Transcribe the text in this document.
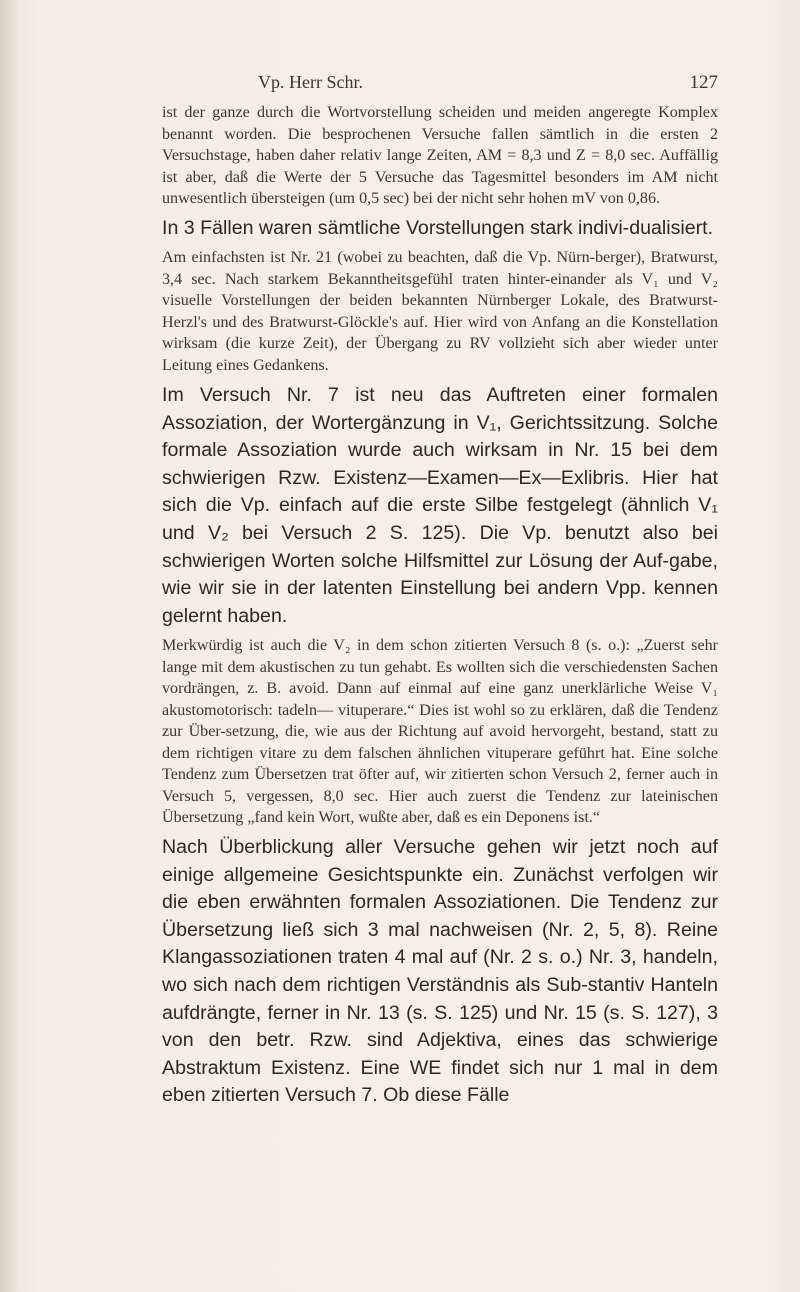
Vp. Herr Schr.	127

ist der ganze durch die Wortvorstellung scheiden und meiden angeregte Komplex benannt worden. Die besprochenen Versuche fallen sämtlich in die ersten 2 Versuchstage, haben daher relativ lange Zeiten, AM = 8,3 und Z = 8,0 sec. Auffällig ist aber, daß die Werte der 5 Versuche das Tagesmittel besonders im AM nicht unwesentlich übersteigen (um 0,5 sec) bei der nicht sehr hohen mV von 0,86.

In 3 Fällen waren sämtliche Vorstellungen stark indivi-dualisiert.

Am einfachsten ist Nr. 21 (wobei zu beachten, daß die Vp. Nürn-berger), Bratwurst, 3,4 sec. Nach starkem Bekanntheitsgefühl traten hinter-einander als V₁ und V₂ visuelle Vorstellungen der beiden bekannten Nürnberger Lokale, des Bratwurst-Herzl's und des Bratwurst-Glöckle's auf. Hier wird von Anfang an die Konstellation wirksam (die kurze Zeit), der Übergang zu RV vollzieht sich aber wieder unter Leitung eines Gedankens.

Im Versuch Nr. 7 ist neu das Auftreten einer formalen Assoziation, der Wortergänzung in V₁, Gerichtssitzung. Solche formale Assoziation wurde auch wirksam in Nr. 15 bei dem schwierigen Rzw. Existenz—Examen—Ex—Exlibris. Hier hat sich die Vp. einfach auf die erste Silbe festgelegt (ähnlich V₁ und V₂ bei Versuch 2 S. 125). Die Vp. benutzt also bei schwierigen Worten solche Hilfsmittel zur Lösung der Auf-gabe, wie wir sie in der latenten Einstellung bei andern Vpp. kennen gelernt haben.

Merkwürdig ist auch die V₂ in dem schon zitierten Versuch 8 (s. o.): „Zuerst sehr lange mit dem akustischen zu tun gehabt. Es wollten sich die verschiedensten Sachen vordrängen, z. B. avoid. Dann auf einmal auf eine ganz unerklärliche Weise V₁ akustomotorisch: tadeln— vituperare.“ Dies ist wohl so zu erklären, daß die Tendenz zur Über-setzung, die, wie aus der Richtung auf avoid hervorgeht, bestand, statt zu dem richtigen vitare zu dem falschen ähnlichen vituperare geführt hat. Eine solche Tendenz zum Übersetzen trat öfter auf, wir zitierten schon Versuch 2, ferner auch in Versuch 5, vergessen, 8,0 sec. Hier auch zuerst die Tendenz zur lateinischen Übersetzung „fand kein Wort, wußte aber, daß es ein Deponens ist.“

Nach Überblickung aller Versuche gehen wir jetzt noch auf einige allgemeine Gesichtspunkte ein. Zunächst verfolgen wir die eben erwähnten formalen Assoziationen. Die Tendenz zur Übersetzung ließ sich 3 mal nachweisen (Nr. 2, 5, 8). Reine Klangassoziationen traten 4 mal auf (Nr. 2 s. o.) Nr. 3, handeln, wo sich nach dem richtigen Verständnis als Sub-stantiv Hanteln aufdrängte, ferner in Nr. 13 (s. S. 125) und Nr. 15 (s. S. 127), 3 von den betr. Rzw. sind Adjektiva, eines das schwierige Abstraktum Existenz. Eine WE findet sich nur 1 mal in dem eben zitierten Versuch 7. Ob diese Fälle
